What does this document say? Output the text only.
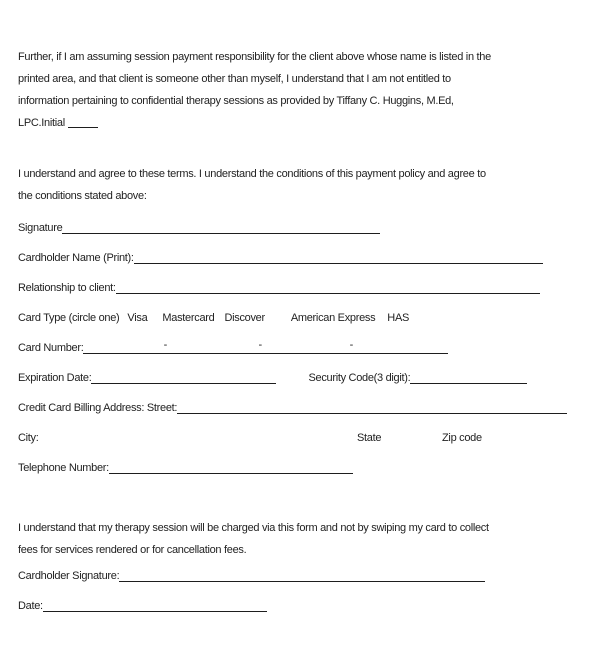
Further, if I am assuming session payment responsibility for the client above whose name is listed in the
printed area, and that client is someone other than myself, I understand that I am not entitled to
information pertaining to confidential therapy sessions as provided by Tiffany C. Huggins, M.Ed,
LPC.Initial
I understand and agree to these terms. I understand the conditions of this payment policy and agree to
the conditions stated above:
Signature
Cardholder Name (Print):
Relationship to client:
Card Type (circle one) Visa Mastercard Discover American Express HAS
Card Number:	-	-	-
Expiration Date:	Security Code(3 digit):
Credit Card Billing Address: Street:
City:	State	Zip code
Telephone Number:
I understand that my therapy session will be charged via this form and not by swiping my card to collect
fees for services rendered or for cancellation fees.
Cardholder Signature:
Date:
